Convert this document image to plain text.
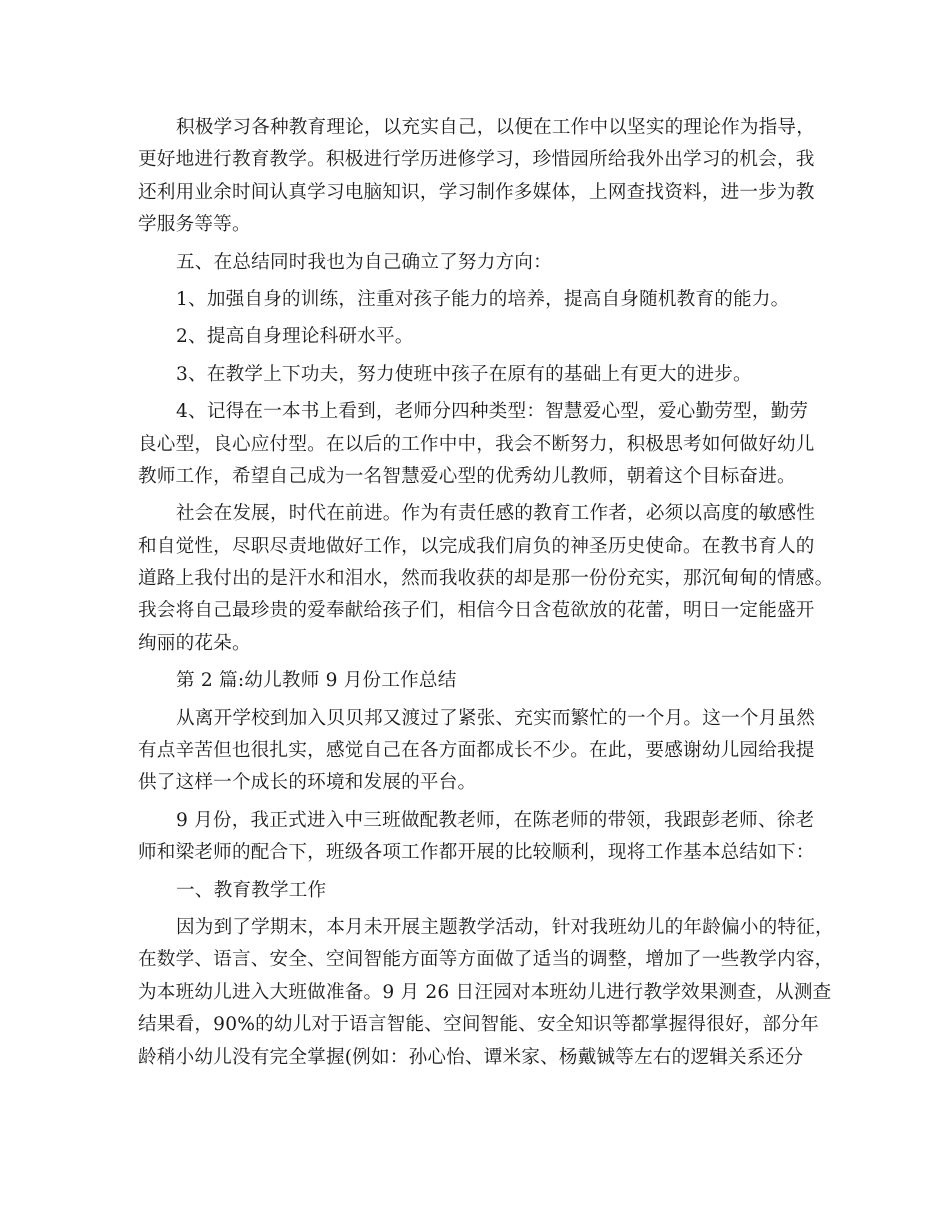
积极学习各种教育理论，以充实自己，以便在工作中以坚实的理论作为指导，
更好地进行教育教学。积极进行学历进修学习，珍惜园所给我外出学习的机会，我
还利用业余时间认真学习电脑知识，学习制作多媒体，上网查找资料，进一步为教
学服务等等。
五、在总结同时我也为自己确立了努力方向：
1、加强自身的训练，注重对孩子能力的培养，提高自身随机教育的能力。
2、提高自身理论科研水平。
3、在教学上下功夫，努力使班中孩子在原有的基础上有更大的进步。
4、记得在一本书上看到，老师分四种类型：智慧爱心型，爱心勤劳型，勤劳
良心型，良心应付型。在以后的工作中中，我会不断努力，积极思考如何做好幼儿
教师工作，希望自己成为一名智慧爱心型的优秀幼儿教师，朝着这个目标奋进。
社会在发展，时代在前进。作为有责任感的教育工作者，必须以高度的敏感性
和自觉性，尽职尽责地做好工作，以完成我们肩负的神圣历史使命。在教书育人的
道路上我付出的是汗水和泪水，然而我收获的却是那一份份充实，那沉甸甸的情感。
我会将自己最珍贵的爱奉献给孩子们，相信今日含苞欲放的花蕾，明日一定能盛开
绚丽的花朵。
第 2 篇:幼儿教师 9 月份工作总结
从离开学校到加入贝贝邦又渡过了紧张、充实而繁忙的一个月。这一个月虽然
有点辛苦但也很扎实，感觉自己在各方面都成长不少。在此，要感谢幼儿园给我提
供了这样一个成长的环境和发展的平台。
9 月份，我正式进入中三班做配教老师，在陈老师的带领，我跟彭老师、徐老
师和梁老师的配合下，班级各项工作都开展的比较顺利，现将工作基本总结如下：
一、教育教学工作
因为到了学期末，本月未开展主题教学活动，针对我班幼儿的年龄偏小的特征，
在数学、语言、安全、空间智能方面等方面做了适当的调整，增加了一些教学内容，
为本班幼儿进入大班做准备。9 月 26 日汪园对本班幼儿进行教学效果测查，从测查
结果看，90%的幼儿对于语言智能、空间智能、安全知识等都掌握得很好，部分年
龄稍小幼儿没有完全掌握(例如：孙心怡、谭米家、杨戴铖等左右的逻辑关系还分
